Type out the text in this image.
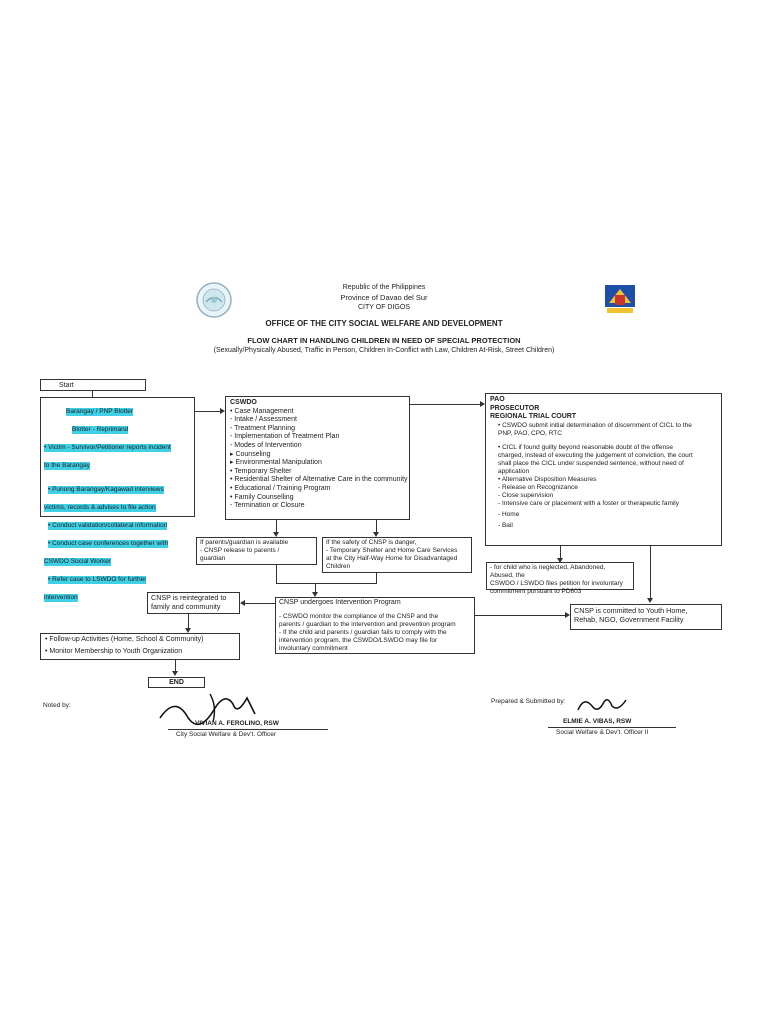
Republic of the Philippines
Province of Davao del Sur
CITY OF DIGOS
OFFICE OF THE CITY SOCIAL WELFARE AND DEVELOPMENT
FLOW CHART IN HANDLING CHILDREN IN NEED OF SPECIAL PROTECTION
(Sexually/Physically Abused, Traffic in Person, Children In-Conflict with Law, Children At-Risk, Street Children)
Start
Barangay / PNP Blotter
Blotter - Reprimand
• Victim - Survivor/Petitioner reports incident
to the Barangay

• Punong Barangay/Kagawad interviews
victims, records & advises to file action
• Conduct validation/collateral information
• Conduct case conferences together with
CSWDO Social Worker
• Refer case to LSWDO for further
intervention
CSWDO
• Case Management
- Intake / Assessment
- Treatment Planning
- Implementation of Treatment Plan
- Modes of Intervention
▸ Counseling
▸ Environmental Manipulation
• Temporary Shelter
• Residential Shelter of Alternative Care in the community
• Educational / Training Program
• Family Counselling
- Termination or Closure
PAO
PROSECUTOR
REGIONAL TRIAL COURT
• CSWDO submit initial determination of discernment of CICL to the
PNP, PAO, CPO, RTC
• CICL if found guilty beyond reasonable doubt of the offense
charged, instead of executing the judgement of conviction, the court
shall place the CICL under suspended sentence, without need of
application
• Alternative Disposition Measures
- Release on Recognizance
- Close supervision
- Intensive care or placement with a foster or therapeutic family
- Home
- Bail
If parents/guardian is available
- CNSP release to parents /
guardian
If the safety of CNSP is danger,
- Temporary Shelter and Home Care Services
at the City Half-Way Home for Disadvantaged
Children	- for child who is neglected, Abandoned, Abused, the
CSWDO / LSWDO files petition for involuntary
commitment pursuant to PD603
CNSP is reintegrated to
family and community	CNSP undergoes Intervention Program
- CSWDO monitor the compliance of the CNSP and the
parents / guardian to the intervention and prevention program
- If the child and parents / guardian fails to comply with the
intervention program, the CSWDO/LSWDO may file for
involuntary commitment
CNSP is committed to Youth Home,
Rehab, NGO, Government Facility
• Follow-up Activities (Home, School & Community)
• Monitor Membership to Youth Organization
END
Noted by:
VIVIAN A. FEROLINO, RSW
City Social Welfare & Dev't. Officer
Prepared & Submitted by:
ELMIE A. VIBAS, RSW
Social Welfare & Dev't. Officer II
